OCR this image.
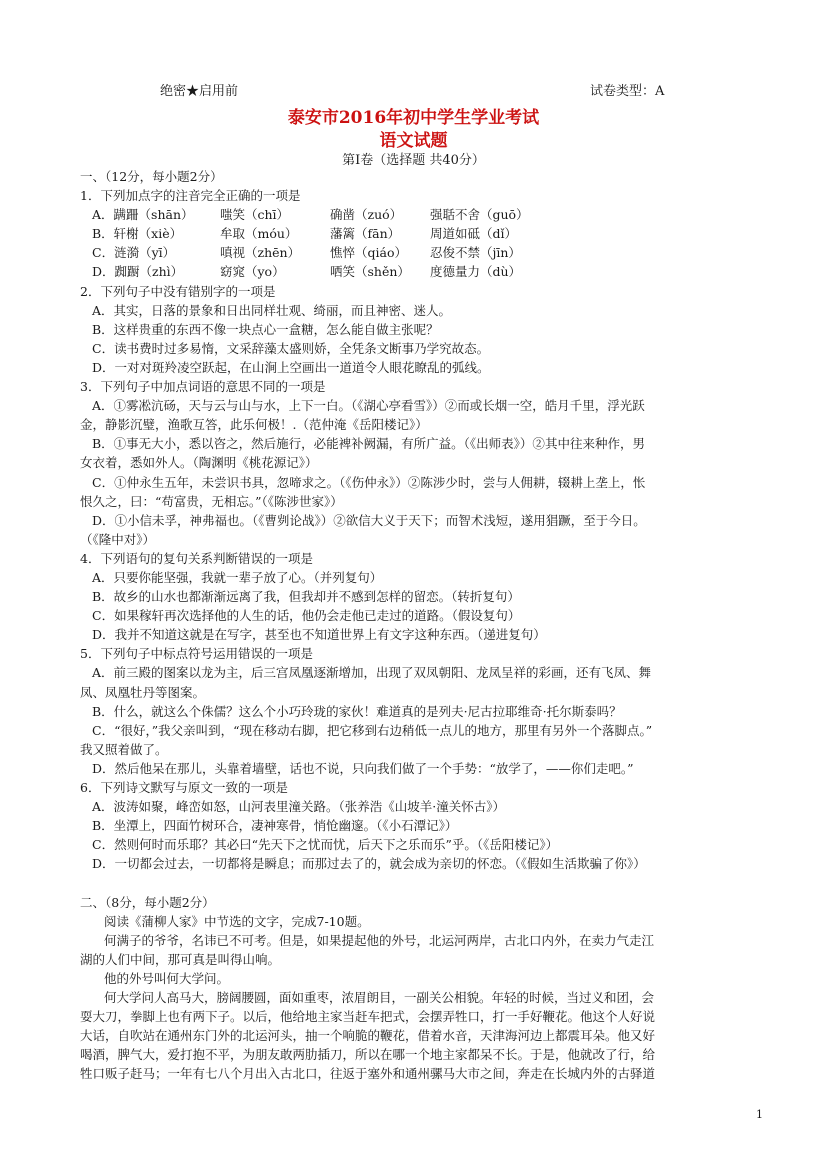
绝密★启用前	试卷类型：A
泰安市2016年初中学生学业考试
语文试题
第Ⅰ卷（选择题 共40分）
一、（12分，每小题2分）
1．下列加点字的注音完全正确的一项是
A．蹒跚（shān）	嗤笑（chī）	确凿（zuó）	强聒不舍（guō）
B．轩榭（xiè）	牟取（móu）	藩篱（fān）	周道如砥（dǐ）
C．涟漪（yī）	嗔视（zhēn）	憔悴（qiáo）	忍俊不禁（jīn）
D．踟蹰（zhì）	窈窕（yo）	哂笑（shěn）	度德量力（dù）
2．下列句子中没有错别字的一项是
A．其实，日落的景象和日出同样壮观、绮丽，而且神密、迷人。
B．这样贵重的东西不像一块点心一盒糖，怎么能自做主张呢？
C．读书费时过多易惰，文采辞藻太盛则娇，全凭条文断事乃学究故态。
D．一对对斑羚凌空跃起，在山涧上空画出一道道令人眼花瞭乱的弧线。
3．下列句子中加点词语的意思不同的一项是
A．①雾凇沆砀，天与云与山与水，上下一白。（《湖心亭看雪》）②而或长烟一空，皓月千里，浮光跃
金，静影沉璧，渔歌互答，此乐何极！.（范仲淹《岳阳楼记》）
B．①事无大小，悉以咨之，然后施行，必能裨补阙漏，有所广益。（《出师表》）②其中往来种作，男
女衣着，悉如外人。（陶渊明《桃花源记》）
C．①仲永生五年，未尝识书具，忽啼求之。（《伤仲永》）②陈涉少时，尝与人佣耕，辍耕上垄上，怅
恨久之，曰：“苟富贵，无相忘。”（《陈涉世家》）
D．①小信未孚，神弗福也。（《曹刿论战》）②欲信大义于天下；而智术浅短，遂用猖蹶，至于今日。
（《隆中对》）
4．下列语句的复句关系判断错误的一项是
A．只要你能坚强，我就一辈子放了心。（并列复句）
B．故乡的山水也都渐渐远离了我，但我却并不感到怎样的留恋。（转折复句）
C．如果稼轩再次选择他的人生的话，他仍会走他已走过的道路。（假设复句）
D．我并不知道这就是在写字，甚至也不知道世界上有文字这种东西。（递进复句）
5．下列句子中标点符号运用错误的一项是
A．前三殿的图案以龙为主，后三宫凤凰逐渐增加，出现了双凤朝阳、龙凤呈祥的彩画，还有飞凤、舞
凤、凤凰牡丹等图案。
B．什么，就这么个侏儒？这么个小巧玲珑的家伙！难道真的是列夫·尼古拉耶维奇·托尔斯泰吗？
C．“很好，”我父亲叫到，“现在移动右脚，把它移到右边稍低一点儿的地方，那里有另外一个落脚点。”
我又照着做了。
D．然后他呆在那儿，头靠着墙壁，话也不说，只向我们做了一个手势：“放学了，——你们走吧。”
6．下列诗文默写与原文一致的一项是
A．波涛如聚，峰峦如怒，山河表里潼关路。（张养浩《山坡羊·潼关怀古》）
B．坐潭上，四面竹树环合，凄神寒骨，悄怆幽邃。（《小石潭记》）
C．然则何时而乐耶？其必曰“先天下之忧而忧，后天下之乐而乐”乎。（《岳阳楼记》）
D．一切都会过去，一切都将是瞬息；而那过去了的，就会成为亲切的怀恋。（《假如生活欺骗了你》）
二、（8分，每小题2分）
阅读《蒲柳人家》中节选的文字，完成7-10题。
何满子的爷爷，名讳已不可考。但是，如果提起他的外号，北运河两岸，古北口内外，在卖力气走江
湖的人们中间，那可真是叫得山响。
他的外号叫何大学问。
何大学问人高马大，膀阔腰圆，面如重枣，浓眉朗目，一副关公相貌。年轻的时候，当过义和团，会
耍大刀，拳脚上也有两下子。以后，他给地主家当赶车把式，会摆弄牲口，打一手好鞭花。他这个人好说
大话，自吹站在通州东门外的北运河头，抽一个响脆的鞭花，借着水音，天津海河边上都震耳朵。他又好
喝酒，脾气大，爱打抱不平，为朋友敢两肋插刀，所以在哪一个地主家都呆不长。于是，他就改了行，给
牲口贩子赶马；一年有七八个月出入古北口，往返于塞外和通州骡马大市之间，奔走在长城内外的古驿道
1
